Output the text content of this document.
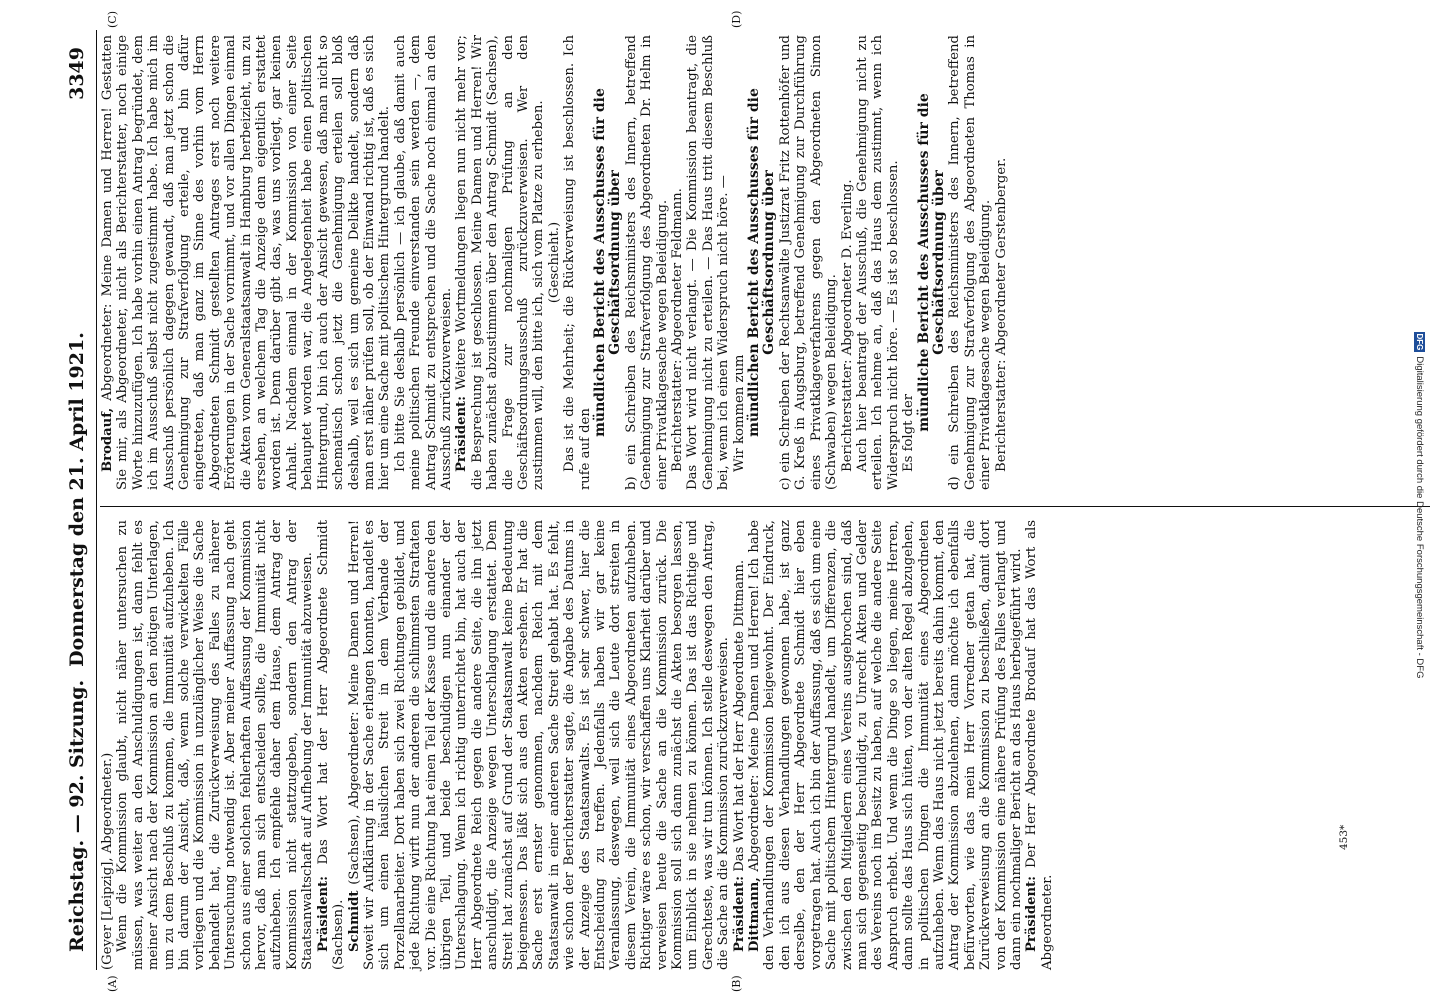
Reichstag. — 92. Sitzung.
Donnerstag den 21. April 1921.
3349

(Geyer [Leipzig], Abgeordneter.) Wenn die Kommission glaubt, nicht näher untersuchen zu müssen, was weiter an den Anschuldigungen ist, dann fehlt es meiner Ansicht nach der Kommission an den nötigen Unterlagen, um zu dem Beschluß zu kommen, die Immunität aufzuheben. Ich bin darum der Ansicht, daß, wenn solche verwickelten Fälle vorliegen und die Kommission in unzulänglicher Weise die Sache behandelt hat, die Zurückverweisung des Falles zu näherer Untersuchung notwendig ist. Aber meiner Auffassung nach geht schon aus einer solchen fehlerhaften Auffassung der Kommission hervor, daß man sich entscheiden sollte, die Immunität nicht aufzuheben. Ich empfehle daher dem Hause, dem Antrag der Kommission nicht stattzugeben, sondern den Antrag der Staatsanwaltschaft auf Aufhebung der Immunität abzuweisen. Präsident: Das Wort hat der Herr Abgeordnete Schmidt (Sachsen). Schmidt (Sachsen), Abgeordneter: Meine Damen und Herren! Soweit wir Aufklärung in der Sache erlangen konnten, handelt es sich um einen häuslichen Streit in dem Verbande der Porzellanarbeiter. Dort haben sich zwei Richtungen gebildet, und jede Richtung wirft nun der anderen die schlimmsten Straftaten vor. Die eine Richtung hat einen Teil der Kasse und die andere den übrigen Teil, und beide beschuldigen nun einander der Unterschlagung. Wenn ich richtig unterrichtet bin, hat auch der Herr Abgeordnete Reich gegen die andere Seite, die ihn jetzt anschuldigt, die Anzeige wegen Unterschlagung erstattet. Dem Streit hat zunächst auf Grund der Staatsanwalt keine Bedeutung beigemessen. Das läßt sich aus den Akten ersehen. Er hat die Sache erst ernster genommen, nachdem Reich mit dem Staatsanwalt in einer anderen Sache Streit gehabt hat. Es fehlt, wie schon der Berichterstatter sagte, die Angabe des Datums in der Anzeige des Staatsanwalts. Es ist sehr schwer, hier die Entscheidung zu treffen. Jedenfalls haben wir gar keine Veranlassung, deswegen, weil sich die Leute dort streiten in diesem Verein, die Immunität eines Abgeordneten aufzuheben. Richtiger wäre es schon, wir verschaffen uns Klarheit darüber und verweisen heute die Sache an die Kommission zurück. Die Kommission soll sich dann zunächst die Akten besorgen lassen, um Einblick in sie nehmen zu können. Das ist das Richtige und Gerechteste, was wir tun können. Ich stelle deswegen den Antrag, die Sache an die Kommission zurückzuverweisen. Präsident: Das Wort hat der Herr Abgeordnete Dittmann.

Dittmann, Abgeordneter: Meine Damen und Herren! Ich habe den Verhandlungen der Kommission beigewohnt. Der Eindruck, den ich aus diesen Verhandlungen gewonnen habe, ist ganz derselbe, den der Herr Abgeordnete Schmidt hier eben vorgetragen hat. Auch ich bin der Auffassung, daß es sich um eine Sache mit politischem Hintergrund handelt, um Differenzen, die zwischen den Mitgliedern eines Vereins ausgebrochen sind, daß man sich gegenseitig beschuldigt, zu Unrecht Akten und Gelder des Vereins noch im Besitz zu haben, auf welche die andere Seite Anspruch erhebt. Und wenn die Dinge so liegen, meine Herren, dann sollte das Haus sich hüten, von der alten Regel abzugehen, in politischen Dingen die Immunität eines Abgeordneten aufzuheben. Wenn das Haus nicht jetzt bereits dahin kommt, den Antrag der Kommission abzulehnen, dann möchte ich ebenfalls befürworten, wie das mein Herr Vorredner getan hat, die Zurückverweisung an die Kommission zu beschließen, damit dort von der Kommission eine nähere Prüfung des Falles verlangt und dann ein nochmaliger Bericht an das Haus herbeigeführt wird. Präsident: Der Herr Abgeordnete Brodauf hat das Wort als Abgeordneter.

Brodauf, Abgeordneter: Meine Damen und Herren! Gestatten Sie mir, als Abgeordneter, nicht als Berichterstatter, noch einige Worte hinzuzufügen. Ich habe vorhin einen Antrag begründet, dem ich im Ausschuß selbst nicht zugestimmt habe. Ich habe mich im Ausschuß persönlich dagegen gewandt, daß man jetzt schon die Genehmigung zur Strafverfolgung erteile, und bin dafür eingetreten, daß man ganz im Sinne des vorhin vom Herrn Abgeordneten Schmidt gestellten Antrages erst noch weitere Erörterungen in der Sache vornimmt, und vor allen Dingen einmal die Akten vom Generalstaatsanwalt in Hamburg herbeizieht, um zu ersehen, an welchem Tag die Anzeige denn eigentlich erstattet worden ist. Denn darüber gibt das, was uns vorliegt, gar keinen Anhalt. Nachdem einmal in der Kommission von einer Seite behauptet worden war, die Angelegenheit habe einen politischen Hintergrund, bin ich auch der Ansicht gewesen, daß man nicht so schematisch schon jetzt die Genehmigung erteilen soll bloß deshalb, weil es sich um gemeine Delikte handelt, sondern daß man erst näher prüfen soll, ob der Einwand richtig ist, daß es sich hier um eine Sache mit politischem Hintergrund handelt. Ich bitte Sie deshalb persönlich — ich glaube, daß damit auch meine politischen Freunde einverstanden sein werden —, dem Antrag Schmidt zu entsprechen und die Sache noch einmal an den Ausschuß zurückzuverweisen. Präsident: Weitere Wortmeldungen liegen nun nicht mehr vor; die Besprechung ist geschlossen. Meine Damen und Herren! Wir haben zunächst abzustimmen über den Antrag Schmidt (Sachsen), die Frage zur nochmaligen Prüfung an den Geschäftsordnungsausschuß zurückzuverweisen. Wer den zustimmen will, den bitte ich, sich vom Platze zu erheben. (Geschieht.) Das ist die Mehrheit; die Rückverweisung ist beschlossen. Ich rufe auf den

mündlichen Bericht des Ausschusses für die Geschäftsordnung über b) ein Schreiben des Reichsministers des Innern, betreffend Genehmigung zur Strafverfolgung des Abgeordneten Dr. Helm in einer Privatklagesache wegen Beleidigung. Berichterstatter: Abgeordneter Feldmann. Das Wort wird nicht verlangt. — Die Kommission beantragt, die Genehmigung nicht zu erteilen. — Das Haus tritt diesem Beschluß bei, wenn ich einen Widerspruch nicht höre. — Wir kommen zum mündlichen Bericht des Ausschusses für die Geschäftsordnung über c) ein Schreiben der Rechtsanwälte Justizrat Fritz Rottenhöfer und G. Kreß in Augsburg, betreffend Genehmigung zur Durchführung eines Privatklageverfahrens gegen den Abgeordneten Simon (Schwaben) wegen Beleidigung. Berichterstatter: Abgeordneter D. Everling. Auch hier beantragt der Ausschuß, die Genehmigung nicht zu erteilen. Ich nehme an, daß das Haus dem zustimmt, wenn ich Widerspruch nicht höre. — Es ist so beschlossen. Es folgt der

mündliche Bericht des Ausschusses für die Geschäftsordnung über d) ein Schreiben des Reichsministers des Innern, betreffend Genehmigung zur Strafverfolgung des Abgeordneten Thomas in einer Privatklagesache wegen Beleidigung. Berichterstatter: Abgeordneter Gerstenberger.

(A)	(B)
(C)	(D)
453*
DFGDigitalisierung gefördert durch die Deutsche Forschungsgemeinschaft - DFG
